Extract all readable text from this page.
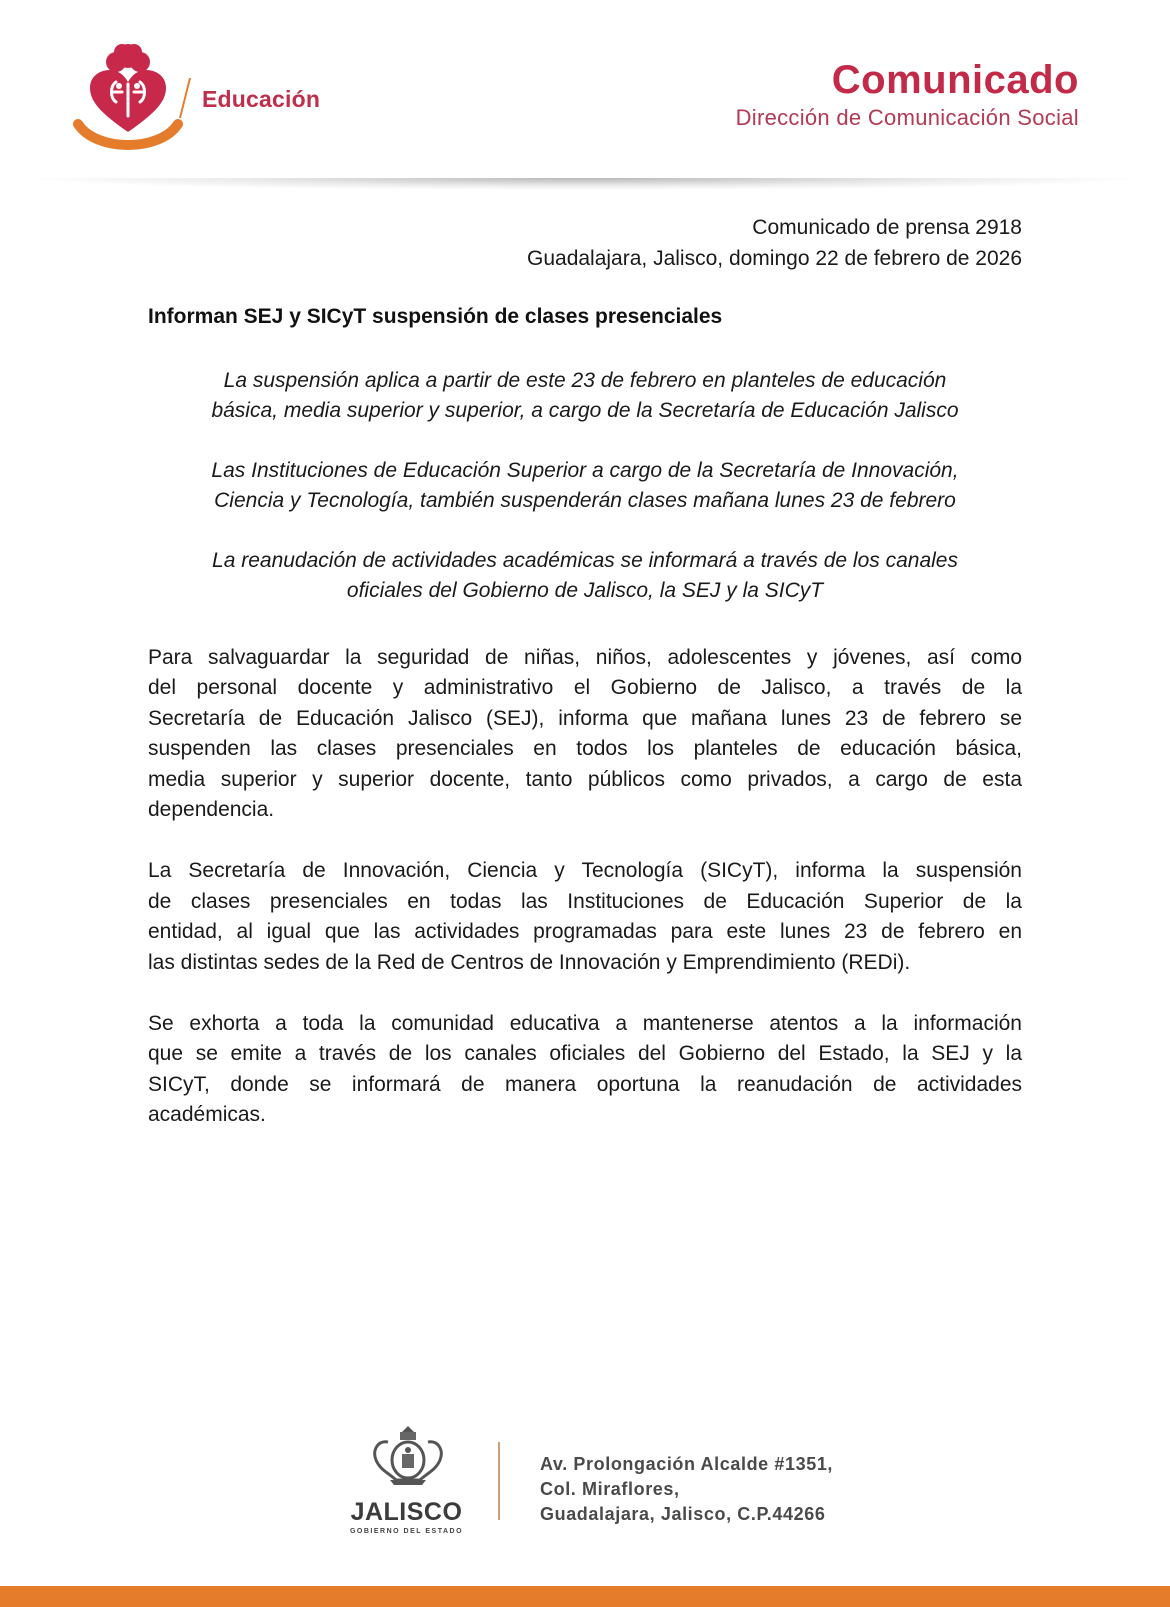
Educación	Comunicado
Dirección de Comunicación Social
Comunicado de prensa 2918
Guadalajara, Jalisco, domingo 22 de febrero de 2026
Informan SEJ y SICyT suspensión de clases presenciales
La suspensión aplica a partir de este 23 de febrero en planteles de educación
básica, media superior y superior, a cargo de la Secretaría de Educación Jalisco
Las Instituciones de Educación Superior a cargo de la Secretaría de Innovación,
Ciencia y Tecnología, también suspenderán clases mañana lunes 23 de febrero
La reanudación de actividades académicas se informará a través de los canales
oficiales del Gobierno de Jalisco, la SEJ y la SICyT
Para salvaguardar la seguridad de niñas, niños, adolescentes y jóvenes, así como
del personal docente y administrativo el Gobierno de Jalisco, a través de la
Secretaría de Educación Jalisco (SEJ), informa que mañana lunes 23 de febrero se
suspenden las clases presenciales en todos los planteles de educación básica,
media superior y superior docente, tanto públicos como privados, a cargo de esta
dependencia.
La Secretaría de Innovación, Ciencia y Tecnología (SICyT), informa la suspensión
de clases presenciales en todas las Instituciones de Educación Superior de la
entidad, al igual que las actividades programadas para este lunes 23 de febrero en
las distintas sedes de la Red de Centros de Innovación y Emprendimiento (REDi).
Se exhorta a toda la comunidad educativa a mantenerse atentos a la información
que se emite a través de los canales oficiales del Gobierno del Estado, la SEJ y la
SICyT, donde se informará de manera oportuna la reanudación de actividades
académicas.
JALISCO
GOBIERNO DEL ESTADO
Av. Prolongación Alcalde #1351,
Col. Miraflores,
Guadalajara, Jalisco, C.P.44266
